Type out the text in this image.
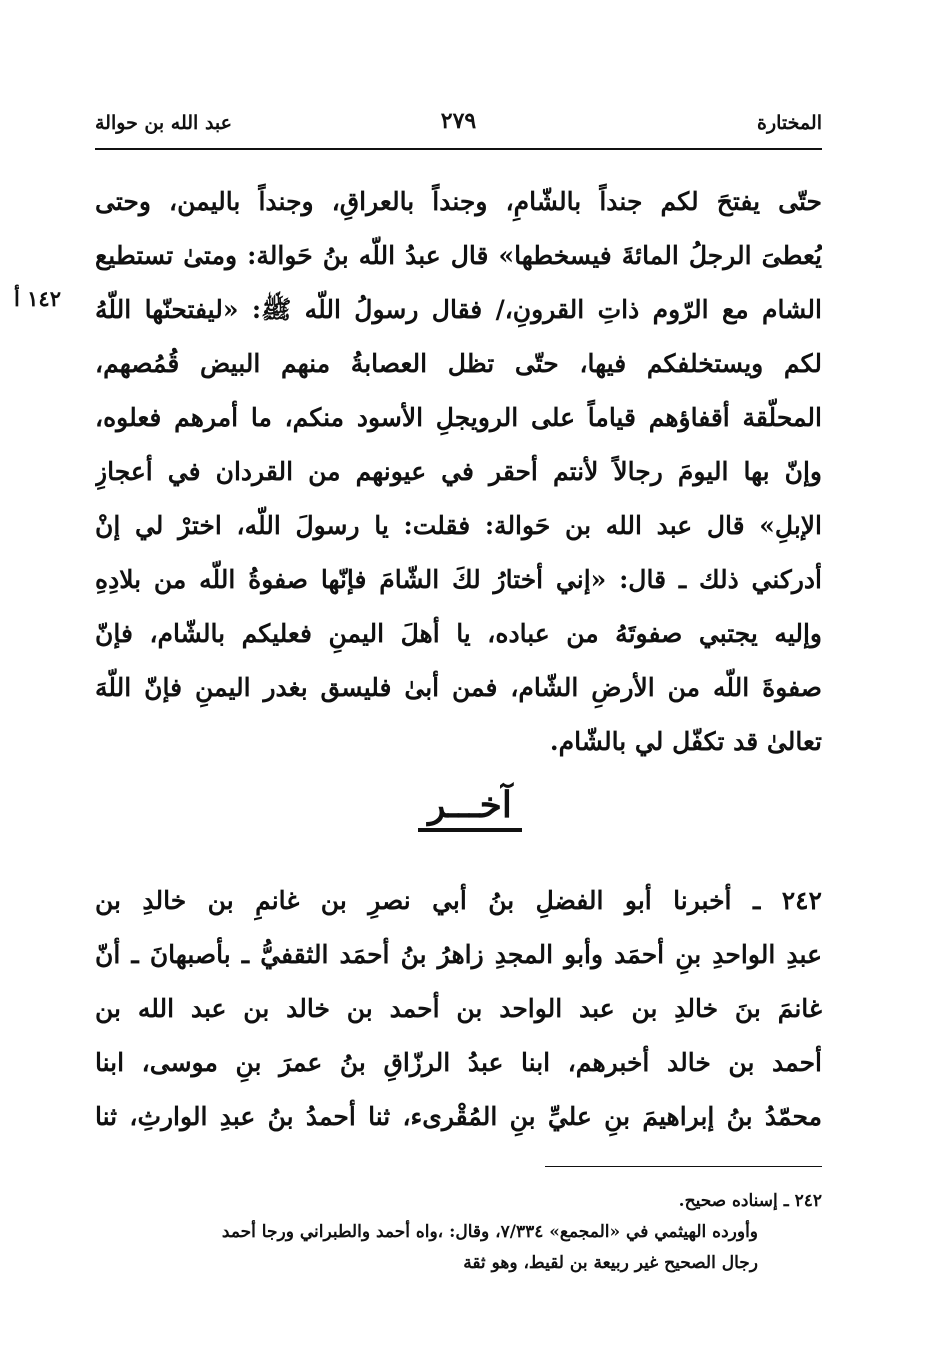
المختارة
٢٧٩
عبد الله بن حوالة
١٤٢ أ
حتّى يفتحَ لكم جنداً بالشّامِ، وجنداً بالعراقِ، وجنداً باليمن، وحتى
يُعطىَ الرجلُ المائةَ فيسخطها» قال عبدُ اللّه بنُ حَوالة: ومتىٰ تستطيع
الشام مع الرّوم ذاتِ القرونِ،/ فقال رسولُ اللّه ﷺ: «ليفتحنّها اللّهُ
لكم ويستخلفكم فيها، حتّى تظل العصابةُ منهم البيض قُمُصهم،
المحلّقة أقفاؤهم قياماً على الرويجلِ الأسود منكم، ما أمرهم فعلوه،
وإنّ بها اليومَ رجالاً لأنتم أحقر في عيونهم من القردان في أعجازِ
الإبلِ» قال عبد الله بن حَوالة: فقلت: يا رسولَ اللّه، اخترْ لي إنْ
أدركني ذلك ـ قال: «إني أختارُ لكَ الشّامَ فإنّها صفوةُ اللّه من بلادِهِ
وإليه يجتبي صفوتَهُ من عباده، يا أهلَ اليمنِ فعليكم بالشّام، فإنّ
صفوةَ اللّه من الأرضِ الشّام، فمن أبىٰ فليسق بغدر اليمنِ فإنّ اللّهَ
تعالىٰ قد تكفّل لي بالشّام.
آخـــر
٢٤٢ ـ أخبرنا أبو الفضلِ بنُ أبي نصرِ بن غانمِ بن خالدِ بن
عبدِ الواحدِ بنِ أحمَد وأبو المجدِ زاهرُ بنُ أحمَد الثقفيُّ ـ بأصبهانَ ـ أنّ
غانمَ بنَ خالدِ بن عبد الواحد بن أحمد بن خالد بن عبد الله بن
أحمد بن خالد أخبرهم، ابنا عبدُ الرزّاقِ بنُ عمرَ بنِ موسى، ابنا
محمّدُ بنُ إبراهيمَ بنِ عليِّ بنِ المُقْرىء، ثنا أحمدُ بنُ عبدِ الوارثِ، ثنا
٢٤٢ ـ إسناده صحيح.
وأورده الهيثمي في «المجمع» ٧/٣٣٤، وقال: ،واه أحمد والطبراني ورجا أحمد
رجال الصحيح غير ربيعة بن لقيط، وهو ثقة
